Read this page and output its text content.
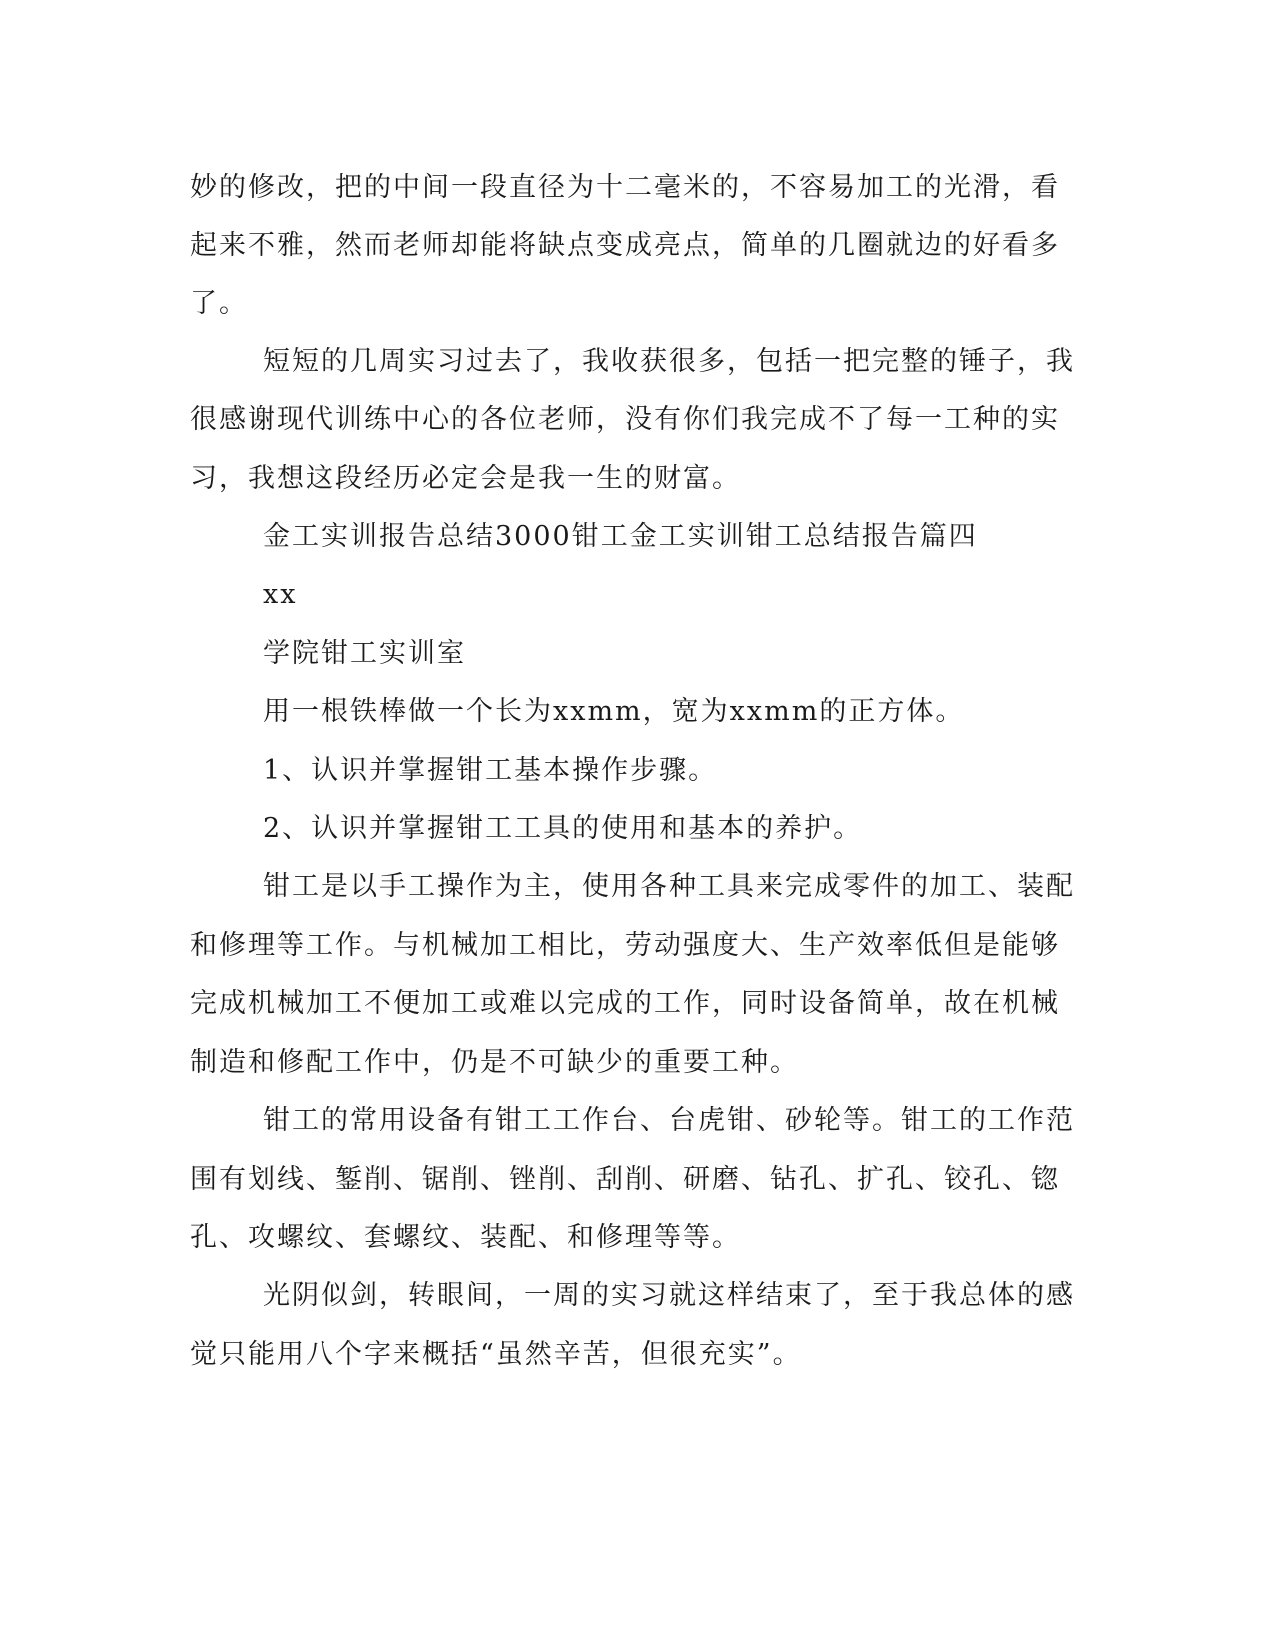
妙的修改，把的中间一段直径为十二毫米的，不容易加工的光滑，看
起来不雅，然而老师却能将缺点变成亮点，简单的几圈就边的好看多
了。
短短的几周实习过去了，我收获很多，包括一把完整的锤子，我
很感谢现代训练中心的各位老师，没有你们我完成不了每一工种的实
习，我想这段经历必定会是我一生的财富。
金工实训报告总结3000钳工金工实训钳工总结报告篇四
xx
学院钳工实训室
用一根铁棒做一个长为xxmm，宽为xxmm的正方体。
1、认识并掌握钳工基本操作步骤。
2、认识并掌握钳工工具的使用和基本的养护。
钳工是以手工操作为主，使用各种工具来完成零件的加工、装配
和修理等工作。与机械加工相比，劳动强度大、生产效率低但是能够
完成机械加工不便加工或难以完成的工作，同时设备简单，故在机械
制造和修配工作中，仍是不可缺少的重要工种。
钳工的常用设备有钳工工作台、台虎钳、砂轮等。钳工的工作范
围有划线、錾削、锯削、锉削、刮削、研磨、钻孔、扩孔、铰孔、锪
孔、攻螺纹、套螺纹、装配、和修理等等。
光阴似剑，转眼间，一周的实习就这样结束了，至于我总体的感
觉只能用八个字来概括“虽然辛苦，但很充实”。
